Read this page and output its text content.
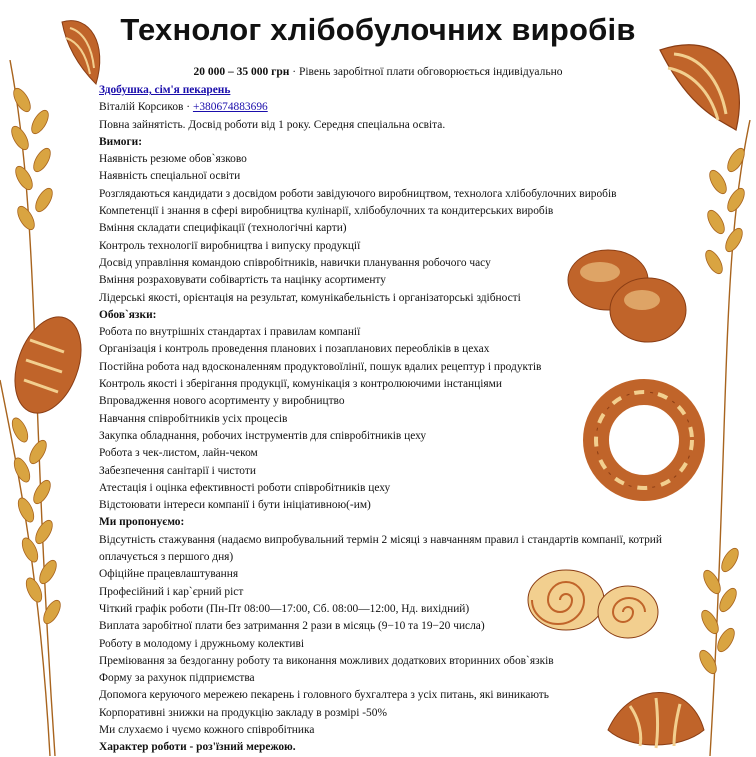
Технолог хлібобулочних виробів
20 000 – 35 000 грн · Рівень заробітної плати обговорюється індивідуально
Здобушка, сім'я пекарень
Віталій Корсиков · +380674883696
Повна зайнятість. Досвід роботи від 1 року. Середня спеціальна освіта.
Вимоги:
Наявність резюме обов`язково
Наявність спеціальної освіти
Розглядаються кандидати з досвідом роботи завідуючого виробництвом, технолога хлібобулочних виробів
Компетенції і знання в сфері виробництва кулінарії, хлібобулочних та кондитерських виробів
Вміння складати специфікації (технологічні карти)
Контроль технології виробництва і випуску продукції
Досвід управління командою співробітників, навички планування робочого часу
Вміння розраховувати собівартість та націнку асортименту
Лідерські якості, орієнтація на результат, комунікабельність і організаторські здібності
Обов`язки:
Робота по внутрішніх стандартах і правилам компанії
Організація і контроль проведення планових і позапланових переобліків в цехах
Постійна робота над вдосконаленням продуктовоїлінії, пошук вдалих рецептур і продуктів
Контроль якості і зберігання продукції, комунікація з контролюючими інстанціями
Впровадження нового асортименту у виробництво
Навчання співробітників усіх процесів
Закупка обладнання, робочих інструментів для співробітників цеху
Робота з чек-листом, лайн-чеком
Забезпечення санітарії і чистоти
Атестація і оцінка ефективності роботи співробітників цеху
Відстоювати інтереси компанії і бути ініціативною(-им)
Ми пропонуємо:
Відсутність стажування (надаємо випробувальний термін 2 місяці з навчанням правил і стандартів компанії, котрий оплачується з першого дня)
Офіційне працевлаштування
Професійний і кар`єрний ріст
Чіткий графік роботи (Пн-Пт 08:00—17:00, Сб. 08:00—12:00, Нд. вихідний)
Виплата заробітної плати без затримання 2 рази в місяць (9−10 та 19−20 числа)
Роботу в молодому і дружньому колективі
Преміювання за бездоганну роботу та виконання можливих додаткових вторинних обов`язків
Форму за рахунок підприємства
Допомога керуючого мережею пекарень і головного бухгалтера з усіх питань, які виникають
Корпоративні знижки на продукцію закладу в розмірі -50%
Ми слухаємо і чуємо кожного співробітника
Характер роботи - роз'їзний мережою.
